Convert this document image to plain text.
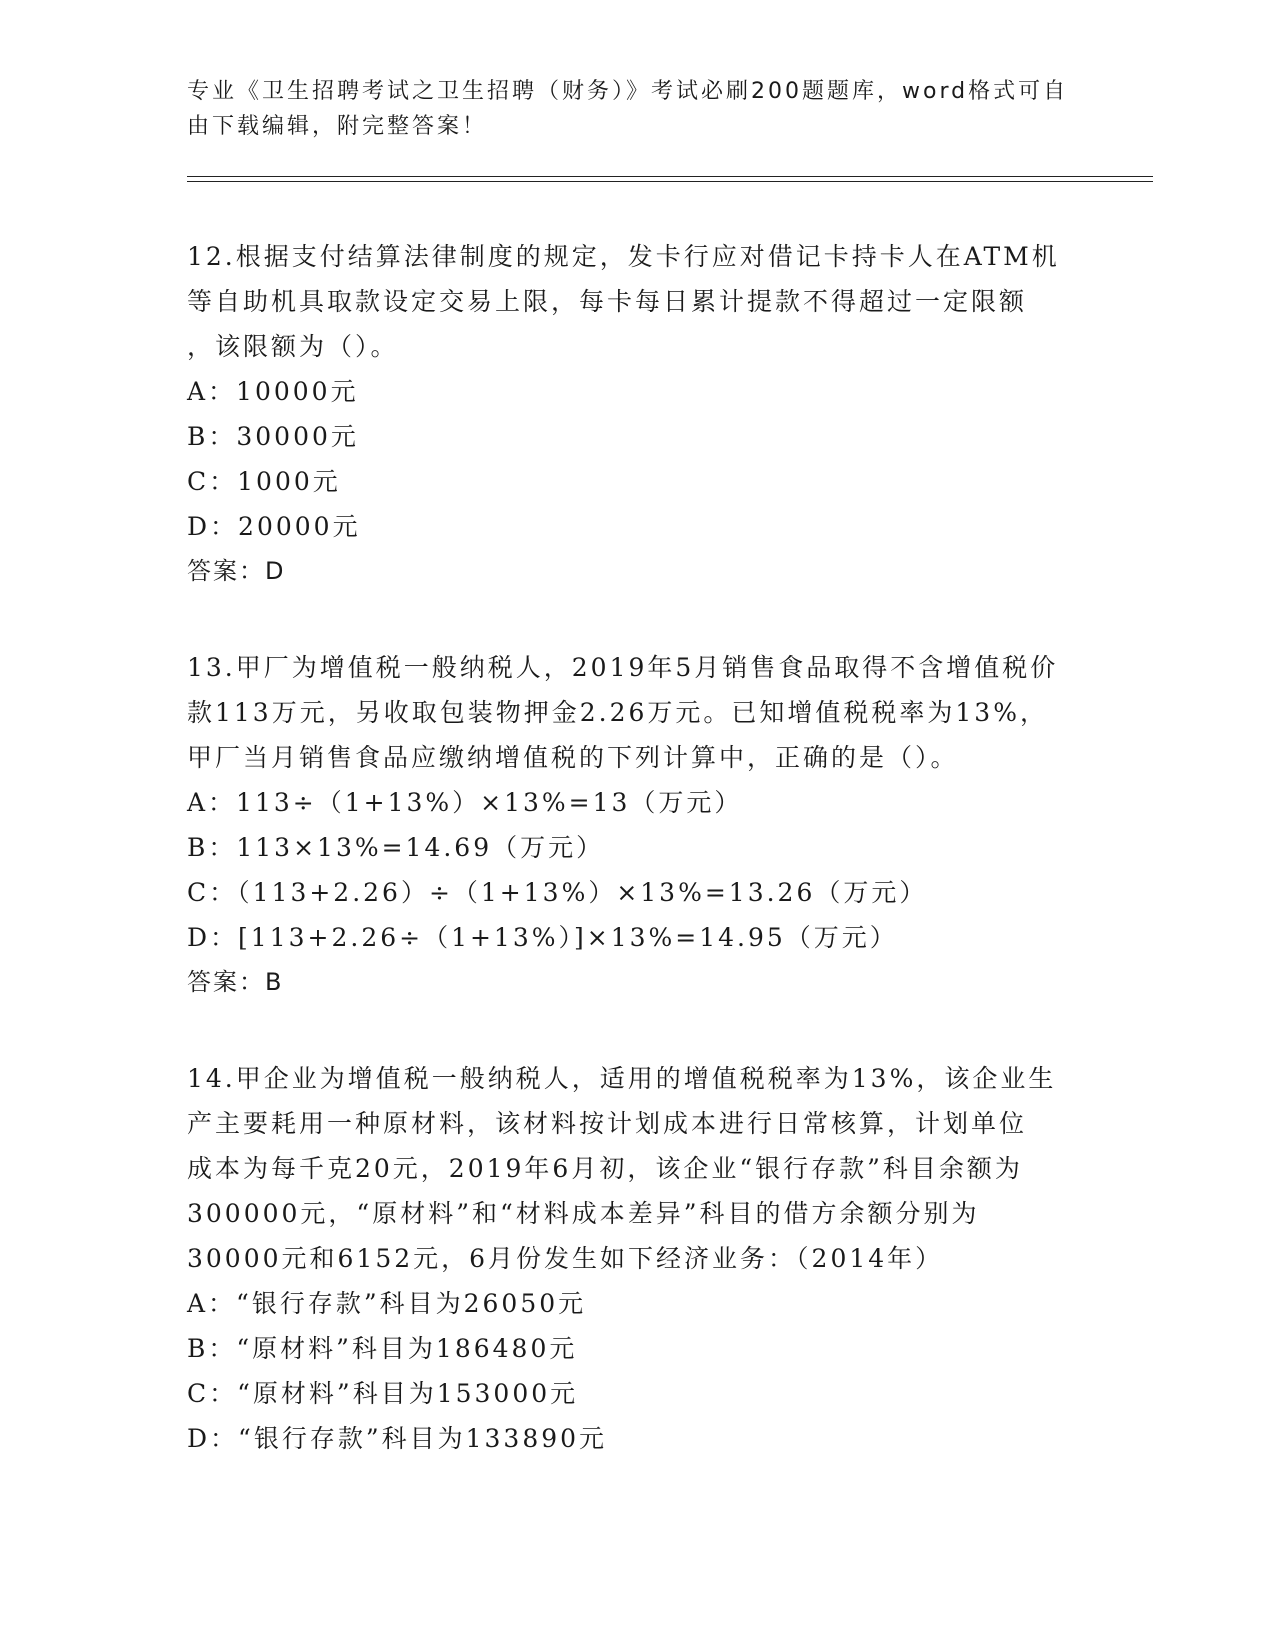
专业《卫生招聘考试之卫生招聘（财务）》考试必刷200题题库，word格式可自
由下载编辑，附完整答案！
12.根据支付结算法律制度的规定，发卡行应对借记卡持卡人在ATM机
等自助机具取款设定交易上限，每卡每日累计提款不得超过一定限额
，该限额为（）。
A：10000元
B：30000元
C：1000元
D：20000元
答案：D
13.甲厂为增值税一般纳税人，2019年5月销售食品取得不含增值税价
款113万元，另收取包装物押金2.26万元。已知增值税税率为13%，
甲厂当月销售食品应缴纳增值税的下列计算中，正确的是（）。
A：113÷（1+13%）×13%=13（万元）
B：113×13%=14.69（万元）
C：（113+2.26）÷（1+13%）×13%=13.26（万元）
D：[113+2.26÷（1+13%）]×13%=14.95（万元）
答案：B
14.甲企业为增值税一般纳税人，适用的增值税税率为13%，该企业生
产主要耗用一种原材料，该材料按计划成本进行日常核算，计划单位
成本为每千克20元，2019年6月初，该企业“银行存款”科目余额为
300000元，“原材料”和“材料成本差异”科目的借方余额分别为
30000元和6152元，6月份发生如下经济业务：（2014年）
A：“银行存款”科目为26050元
B：“原材料”科目为186480元
C：“原材料”科目为153000元
D：“银行存款”科目为133890元
